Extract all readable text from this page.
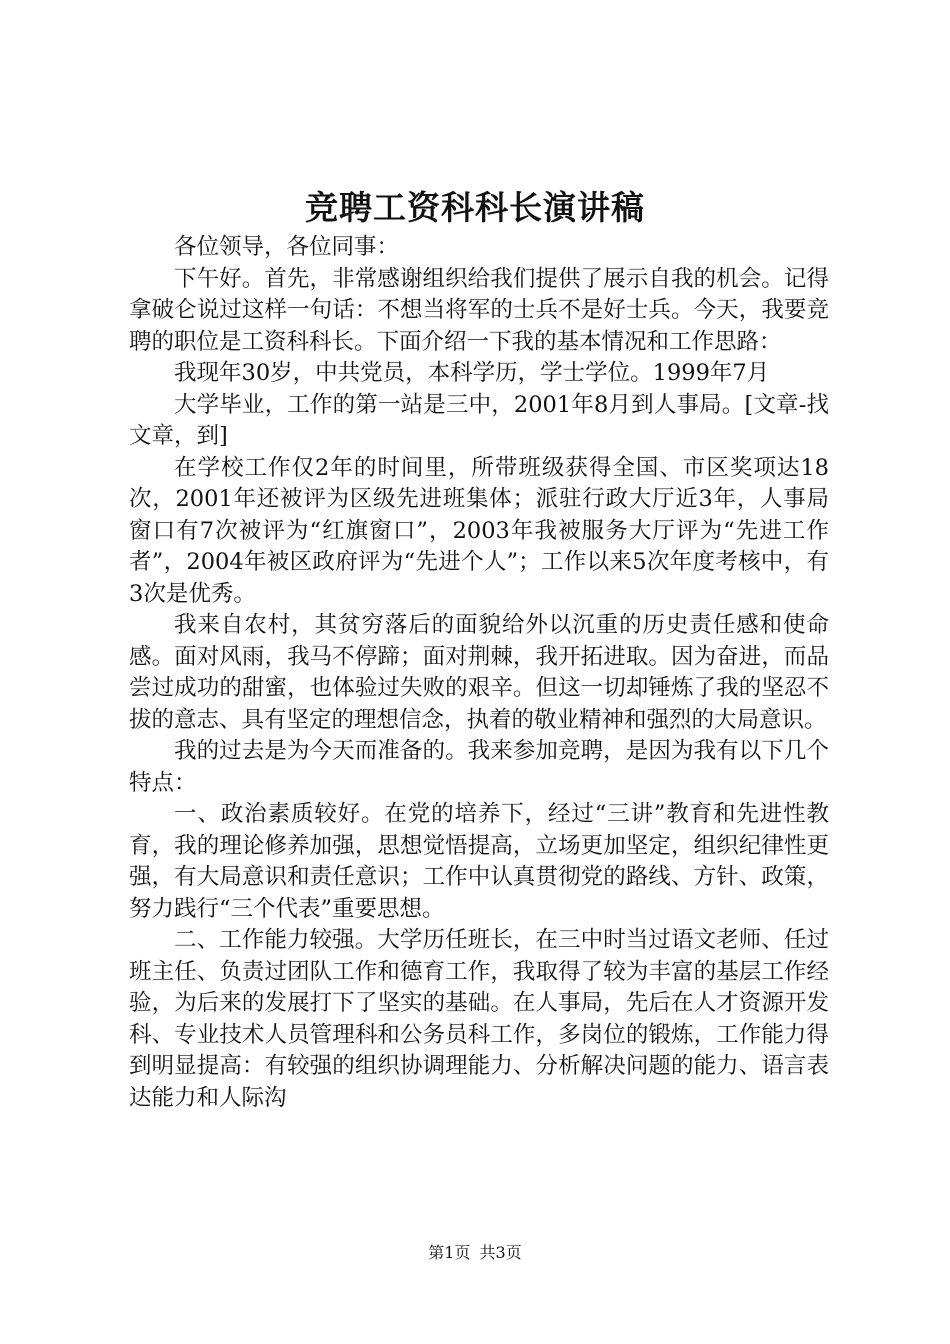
竞聘工资科科长演讲稿

各位领导，各位同事：

下午好。首先，非常感谢组织给我们提供了展示自我的机会。记得拿破仑说过这样一句话：不想当将军的士兵不是好士兵。今天，我要竞聘的职位是工资科科长。下面介绍一下我的基本情况和工作思路：

我现年30岁，中共党员，本科学历，学士学位。1999年7月

大学毕业，工作的第一站是三中，2001年8月到人事局。[文章-找文章，到]

在学校工作仅2年的时间里，所带班级获得全国、市区奖项达18次，2001年还被评为区级先进班集体；派驻行政大厅近3年，人事局窗口有7次被评为“红旗窗口”，2003年我被服务大厅评为“先进工作者”，2004年被区政府评为“先进个人”；工作以来5次年度考核中，有3次是优秀。

我来自农村，其贫穷落后的面貌给外以沉重的历史责任感和使命感。面对风雨，我马不停蹄；面对荆棘，我开拓进取。因为奋进，而品尝过成功的甜蜜，也体验过失败的艰辛。但这一切却锤炼了我的坚忍不拔的意志、具有坚定的理想信念，执着的敬业精神和强烈的大局意识。

我的过去是为今天而准备的。我来参加竞聘，是因为我有以下几个特点：

一、政治素质较好。在党的培养下，经过“三讲”教育和先进性教育，我的理论修养加强，思想觉悟提高，立场更加坚定，组织纪律性更强，有大局意识和责任意识；工作中认真贯彻党的路线、方针、政策，努力践行“三个代表”重要思想。

二、工作能力较强。大学历任班长，在三中时当过语文老师、任过班主任、负责过团队工作和德育工作，我取得了较为丰富的基层工作经验，为后来的发展打下了坚实的基础。在人事局，先后在人才资源开发科、专业技术人员管理科和公务员科工作，多岗位的锻炼，工作能力得到明显提高：有较强的组织协调理能力、分析解决问题的能力、语言表达能力和人际沟

第1页 共3页
